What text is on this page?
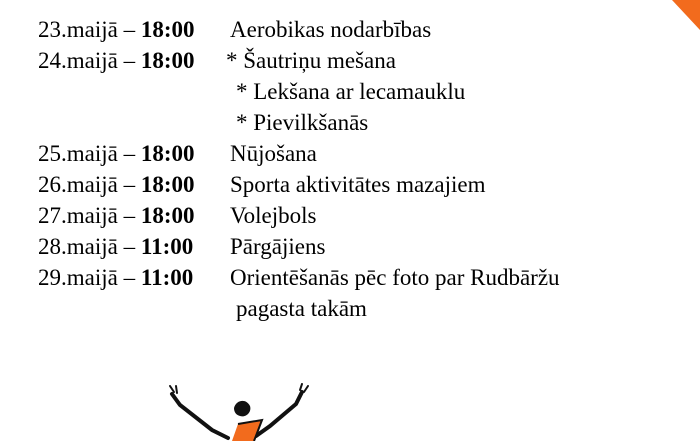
23.maijā – 18:00 Aerobikas nodarbības
24.maijā – 18:00 * Šautriņu mešana
* Lekšana ar lecamauklu
* Pievilkšanās
25.maijā – 18:00 Nūjošana
26.maijā – 18:00 Sporta aktivitātes mazajiem
27.maijā – 18:00 Volejbols
28.maijā – 11:00 Pārgājiens
29.maijā – 11:00 Orientēšanās pēc foto par Rudbāržu
pagasta takām
